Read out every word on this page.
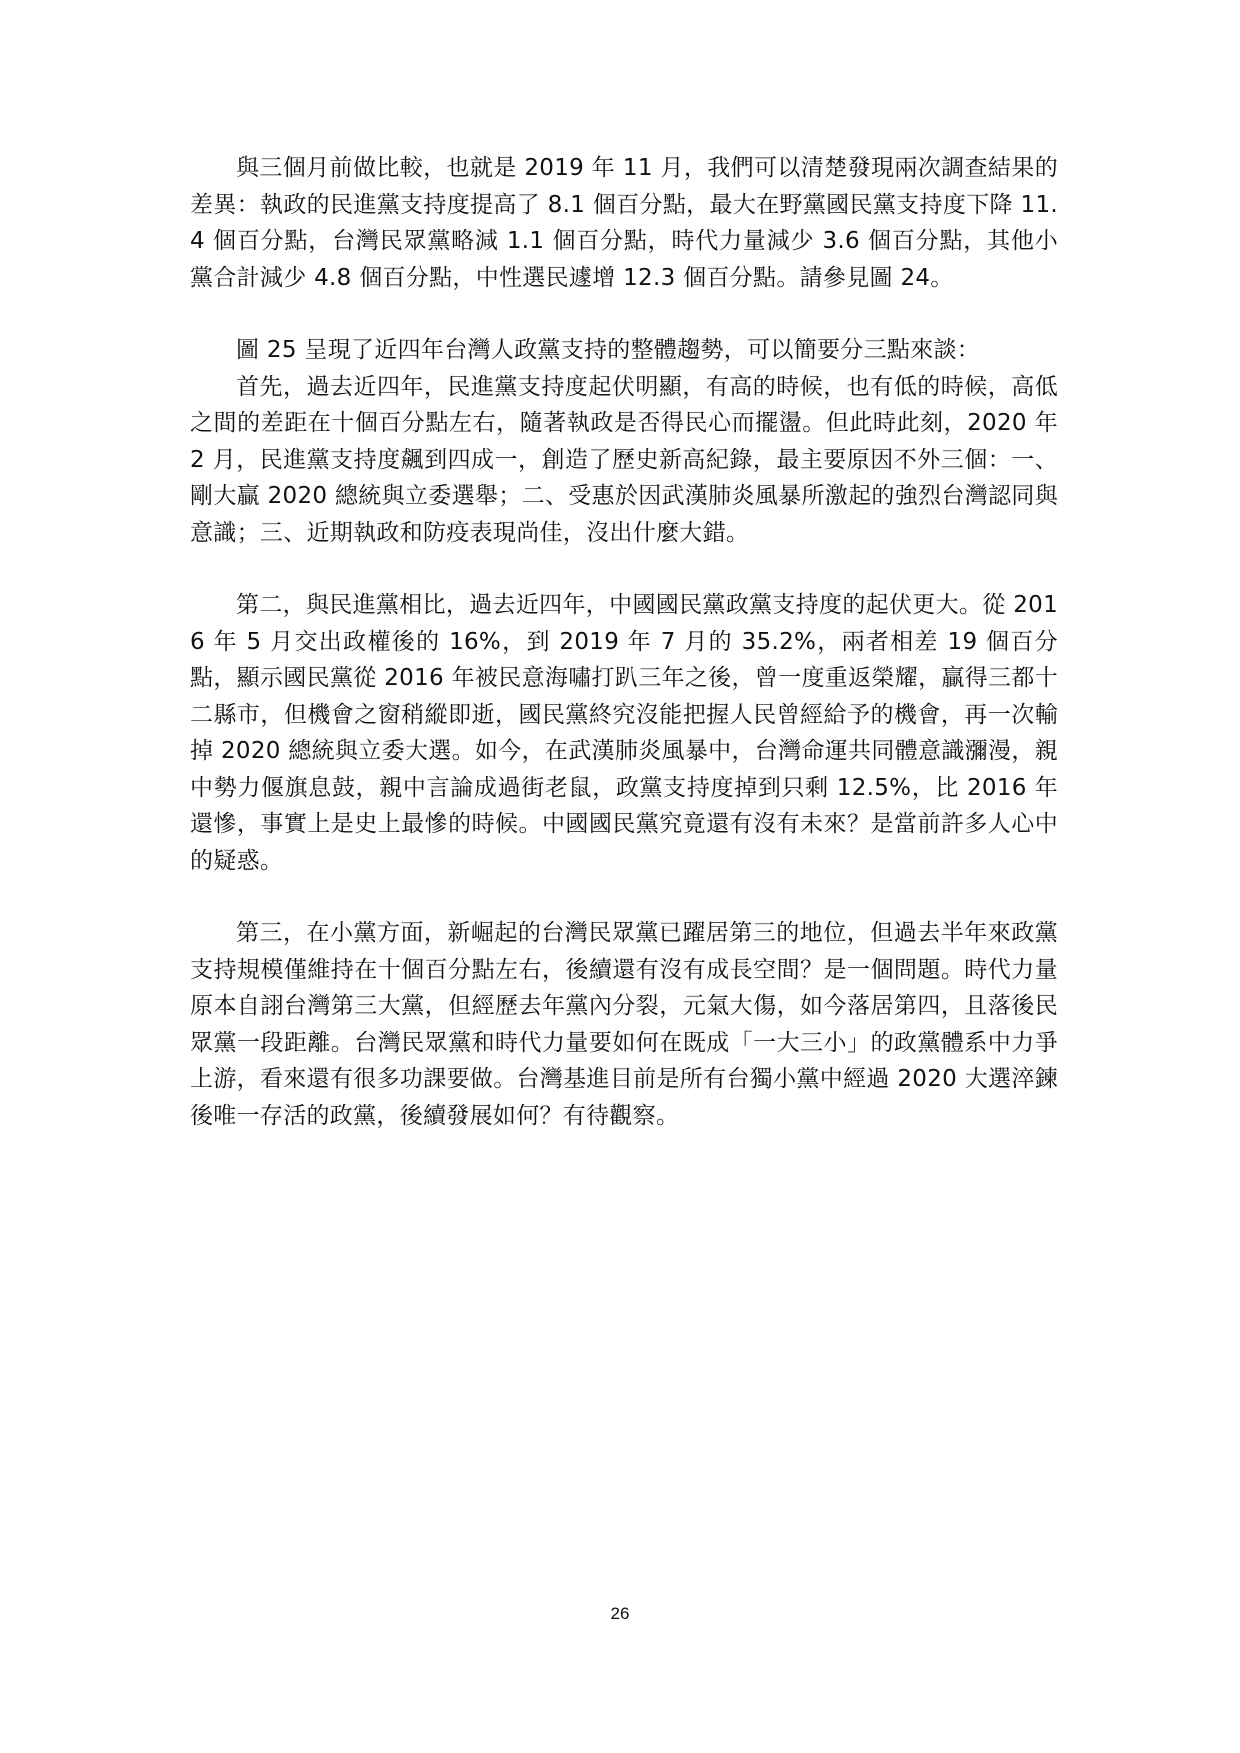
與三個月前做比較，也就是 2019 年 11 月，我們可以清楚發現兩次調查結果的差異：執政的民進黨支持度提高了 8.1 個百分點，最大在野黨國民黨支持度下降 11.4 個百分點，台灣民眾黨略減 1.1 個百分點，時代力量減少 3.6 個百分點，其他小黨合計減少 4.8 個百分點，中性選民遽增 12.3 個百分點。請參見圖 24。

圖 25 呈現了近四年台灣人政黨支持的整體趨勢，可以簡要分三點來談：

首先，過去近四年，民進黨支持度起伏明顯，有高的時候，也有低的時候，高低之間的差距在十個百分點左右，隨著執政是否得民心而擺盪。但此時此刻，2020 年 2 月，民進黨支持度飆到四成一，創造了歷史新高紀錄，最主要原因不外三個：一、剛大贏 2020 總統與立委選舉；二、受惠於因武漢肺炎風暴所激起的強烈台灣認同與意識；三、近期執政和防疫表現尚佳，沒出什麼大錯。

第二，與民進黨相比，過去近四年，中國國民黨政黨支持度的起伏更大。從 2016 年 5 月交出政權後的 16%，到 2019 年 7 月的 35.2%，兩者相差 19 個百分點，顯示國民黨從 2016 年被民意海嘯打趴三年之後，曾一度重返榮耀，贏得三都十二縣市，但機會之窗稍縱即逝，國民黨終究沒能把握人民曾經給予的機會，再一次輸掉 2020 總統與立委大選。如今，在武漢肺炎風暴中，台灣命運共同體意識瀰漫，親中勢力偃旗息鼓，親中言論成過街老鼠，政黨支持度掉到只剩 12.5%，比 2016 年還慘，事實上是史上最慘的時候。中國國民黨究竟還有沒有未來？是當前許多人心中的疑惑。

第三，在小黨方面，新崛起的台灣民眾黨已躍居第三的地位，但過去半年來政黨支持規模僅維持在十個百分點左右，後續還有沒有成長空間？是一個問題。時代力量原本自詡台灣第三大黨，但經歷去年黨內分裂，元氣大傷，如今落居第四，且落後民眾黨一段距離。台灣民眾黨和時代力量要如何在既成「一大三小」的政黨體系中力爭上游，看來還有很多功課要做。台灣基進目前是所有台獨小黨中經過 2020 大選淬鍊後唯一存活的政黨，後續發展如何？有待觀察。

26
